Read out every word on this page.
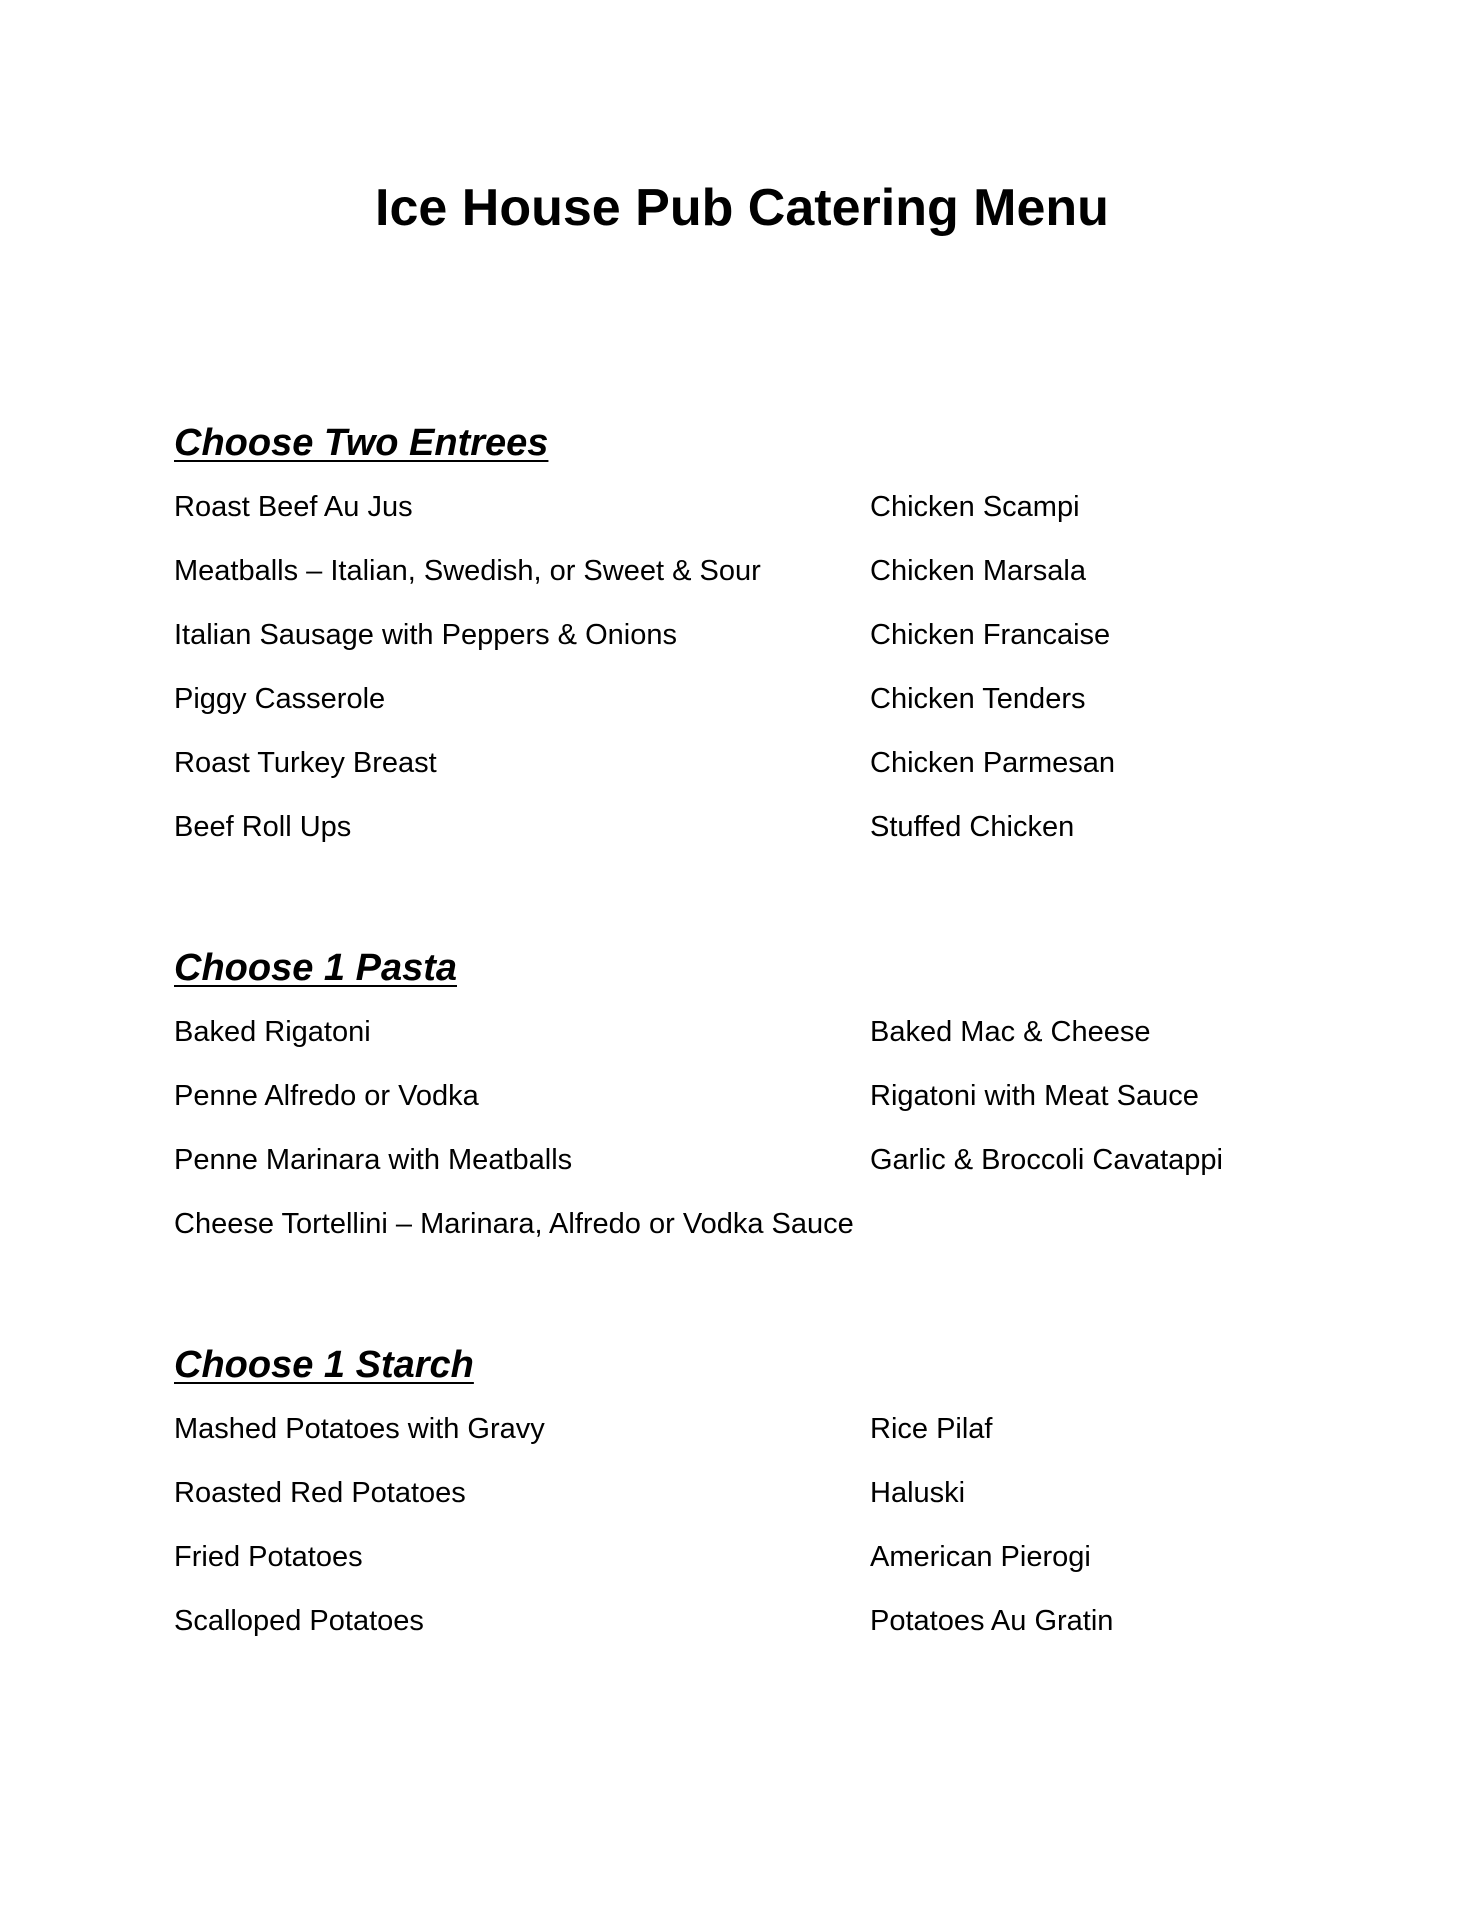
Ice House Pub Catering Menu
Choose Two Entrees
Roast Beef Au Jus	Chicken Scampi
Meatballs – Italian, Swedish, or Sweet & Sour	Chicken Marsala
Italian Sausage with Peppers & Onions	Chicken Francaise
Piggy Casserole	Chicken Tenders
Roast Turkey Breast	Chicken Parmesan
Beef Roll Ups	Stuffed Chicken
Choose 1 Pasta
Baked Rigatoni	Baked Mac & Cheese
Penne Alfredo or Vodka	Rigatoni with Meat Sauce
Penne Marinara with Meatballs	Garlic & Broccoli Cavatappi
Cheese Tortellini – Marinara, Alfredo or Vodka Sauce
Choose 1 Starch
Mashed Potatoes with Gravy	Rice Pilaf
Roasted Red Potatoes	Haluski
Fried Potatoes	American Pierogi
Scalloped Potatoes	Potatoes Au Gratin
